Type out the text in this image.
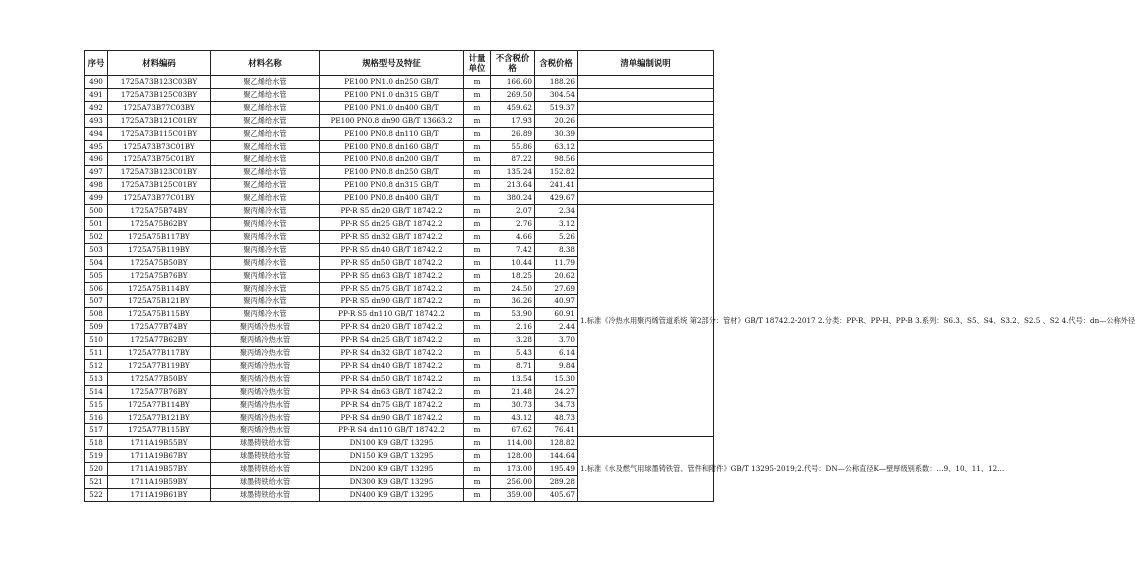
序号	材料编码	材料名称	规格型号及特征	计量单位	不含税价 格	含税价格	清单编制说明
490	1725A73B123C03BY	聚乙烯给水管	PE100 PN1.0 dn250 GB/T	m	166.60	188.26	
491	1725A73B125C03BY	聚乙烯给水管	PE100 PN1.0 dn315 GB/T	m	269.50	304.54	
492	1725A73B77C03BY	聚乙烯给水管	PE100 PN1.0 dn400 GB/T	m	459.62	519.37	
493	1725A73B121C01BY	聚乙烯给水管	PE100 PN0.8 dn90 GB/T 13663.2	m	17.93	20.26	
494	1725A73B115C01BY	聚乙烯给水管	PE100 PN0.8 dn110 GB/T	m	26.89	30.39	
495	1725A73B73C01BY	聚乙烯给水管	PE100 PN0.8 dn160 GB/T	m	55.86	63.12	
496	1725A73B75C01BY	聚乙烯给水管	PE100 PN0.8 dn200 GB/T	m	87.22	98.56	
497	1725A73B123C01BY	聚乙烯给水管	PE100 PN0.8 dn250 GB/T	m	135.24	152.82	
498	1725A73B125C01BY	聚乙烯给水管	PE100 PN0.8 dn315 GB/T	m	213.64	241.41	
499	1725A73B77C01BY	聚乙烯给水管	PE100 PN0.8 dn400 GB/T	m	380.24	429.67	
500	1725A75B74BY	聚丙烯冷水管	PP-R S5 dn20 GB/T 18742.2	m	2.07	2.34	1.标准《冷热水用聚丙烯管道系统 第2部分：管材》GB/T 18742.2-2017 2.分类：PP-R、PP-H、PP-B 3.系列：S6.3、S5、S4、S3.2、S2.5 、S2 4.代号：dn—公称外径
501	1725A75B62BY	聚丙烯冷水管	PP-R S5 dn25 GB/T 18742.2	m	2.76	3.12	
502	1725A75B117BY	聚丙烯冷水管	PP-R S5 dn32 GB/T 18742.2	m	4.66	5.26	
503	1725A75B119BY	聚丙烯冷水管	PP-R S5 dn40 GB/T 18742.2	m	7.42	8.38	
504	1725A75B50BY	聚丙烯冷水管	PP-R S5 dn50 GB/T 18742.2	m	10.44	11.79	
505	1725A75B76BY	聚丙烯冷水管	PP-R S5 dn63 GB/T 18742.2	m	18.25	20.62	
506	1725A75B114BY	聚丙烯冷水管	PP-R S5 dn75 GB/T 18742.2	m	24.50	27.69	
507	1725A75B121BY	聚丙烯冷水管	PP-R S5 dn90 GB/T 18742.2	m	36.26	40.97	
508	1725A75B115BY	聚丙烯冷水管	PP-R S5 dn110 GB/T 18742.2	m	53.90	60.91	
509	1725A77B74BY	聚丙烯冷热水管	PP-R S4 dn20 GB/T 18742.2	m	2.16	2.44	
510	1725A77B62BY	聚丙烯冷热水管	PP-R S4 dn25 GB/T 18742.2	m	3.28	3.70	
511	1725A77B117BY	聚丙烯冷热水管	PP-R S4 dn32 GB/T 18742.2	m	5.43	6.14	
512	1725A77B119BY	聚丙烯冷热水管	PP-R S4 dn40 GB/T 18742.2	m	8.71	9.84	
513	1725A77B50BY	聚丙烯冷热水管	PP-R S4 dn50 GB/T 18742.2	m	13.54	15.30	
514	1725A77B76BY	聚丙烯冷热水管	PP-R S4 dn63 GB/T 18742.2	m	21.48	24.27	
515	1725A77B114BY	聚丙烯冷热水管	PP-R S4 dn75 GB/T 18742.2	m	30.73	34.73	
516	1725A77B121BY	聚丙烯冷热水管	PP-R S4 dn90 GB/T 18742.2	m	43.12	48.73	
517	1725A77B115BY	聚丙烯冷热水管	PP-R S4 dn110 GB/T 18742.2	m	67.62	76.41	
518	1711A19B55BY	球墨铸铁给水管	DN100 K9 GB/T 13295	m	114.00	128.82	1.标准《水及燃气用球墨铸铁管、管件和附件》GB/T 13295-2019;2.代号：DN—公称直径K—壁厚级别系数：…9、10、11、12…
519	1711A19B67BY	球墨铸铁给水管	DN150 K9 GB/T 13295	m	128.00	144.64	
520	1711A19B57BY	球墨铸铁给水管	DN200 K9 GB/T 13295	m	173.00	195.49	
521	1711A19B59BY	球墨铸铁给水管	DN300 K9 GB/T 13295	m	256.00	289.28	
522	1711A19B61BY	球墨铸铁给水管	DN400 K9 GB/T 13295	m	359.00	405.67	
